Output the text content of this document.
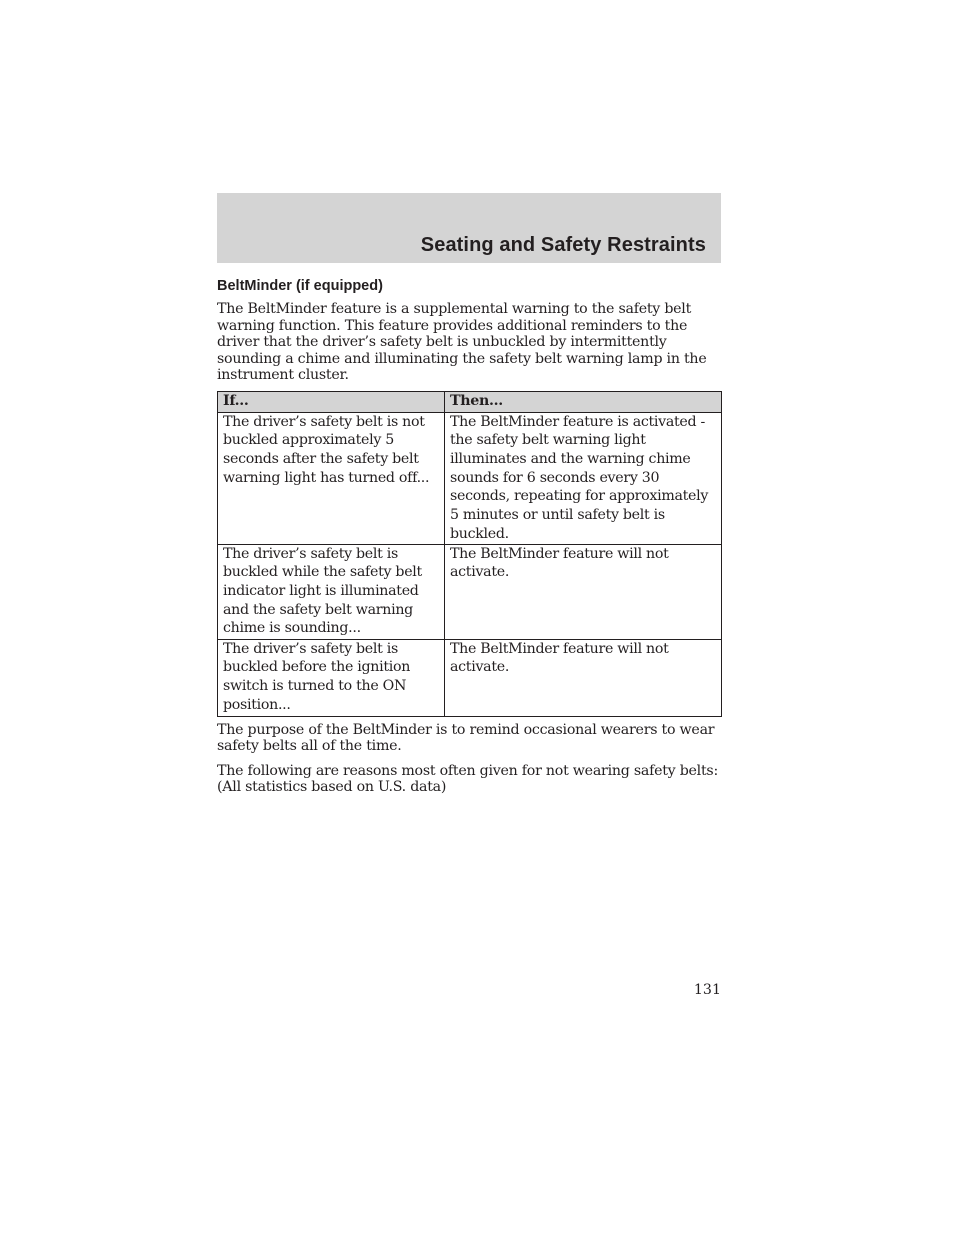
Seating and Safety Restraints
BeltMinder (if equipped)

The BeltMinder feature is a supplemental warning to the safety belt warning function. This feature provides additional reminders to the driver that the driver’s safety belt is unbuckled by intermittently sounding a chime and illuminating the safety belt warning lamp in the instrument cluster.

If...	Then...
The driver’s safety belt is not buckled approximately 5 seconds after the safety belt warning light has turned off...	The BeltMinder feature is activated - the safety belt warning light illuminates and the warning chime sounds for 6 seconds every 30 seconds, repeating for approximately 5 minutes or until safety belt is buckled.
The driver’s safety belt is buckled while the safety belt indicator light is illuminated and the safety belt warning chime is sounding...	The BeltMinder feature will not activate.
The driver’s safety belt is buckled before the ignition switch is turned to the ON position...	The BeltMinder feature will not activate.

The purpose of the BeltMinder is to remind occasional wearers to wear safety belts all of the time.

The following are reasons most often given for not wearing safety belts: (All statistics based on U.S. data)

131
